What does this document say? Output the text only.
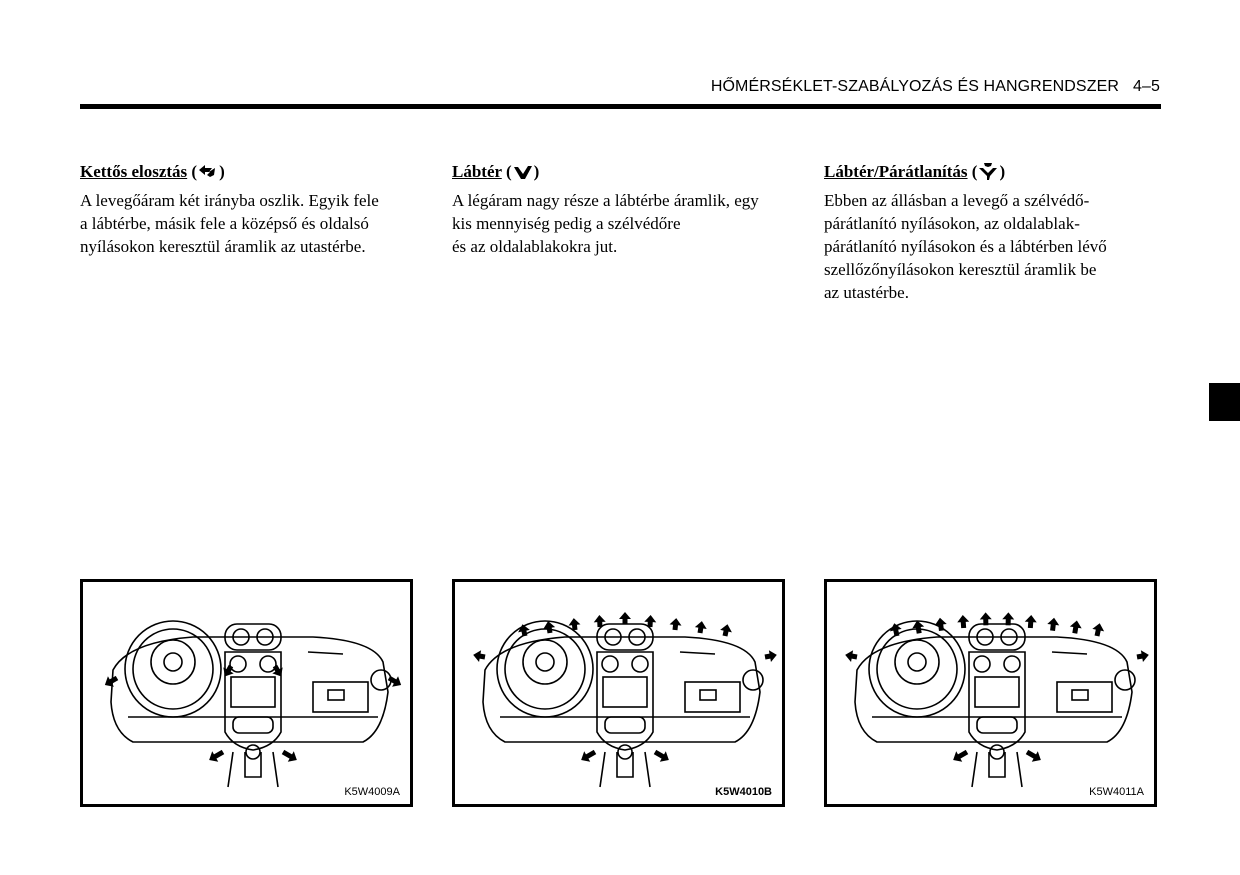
HŐMÉRSÉKLET-SZABÁLYOZÁS ÉS HANGRENDSZER 4–5
Kettős elosztás ( )

A levegőáram két irányba oszlik. Egyik fele
a lábtérbe, másik fele a középső és oldalsó
nyílásokon keresztül áramlik az utastérbe.

Lábtér ( )

A légáram nagy része a lábtérbe áramlik, egy
kis mennyiség pedig a szélvédőre
és az oldalablakokra jut.

Lábtér/Párátlanítás ( )

Ebben az állásban a levegő a szélvédő-
párátlanító nyílásokon, az oldalablak-
párátlanító nyílásokon és a lábtérben lévő
szellőzőnyílásokon keresztül áramlik be
az utastérbe.

K5W4009A	K5W4010B	K5W4011A
